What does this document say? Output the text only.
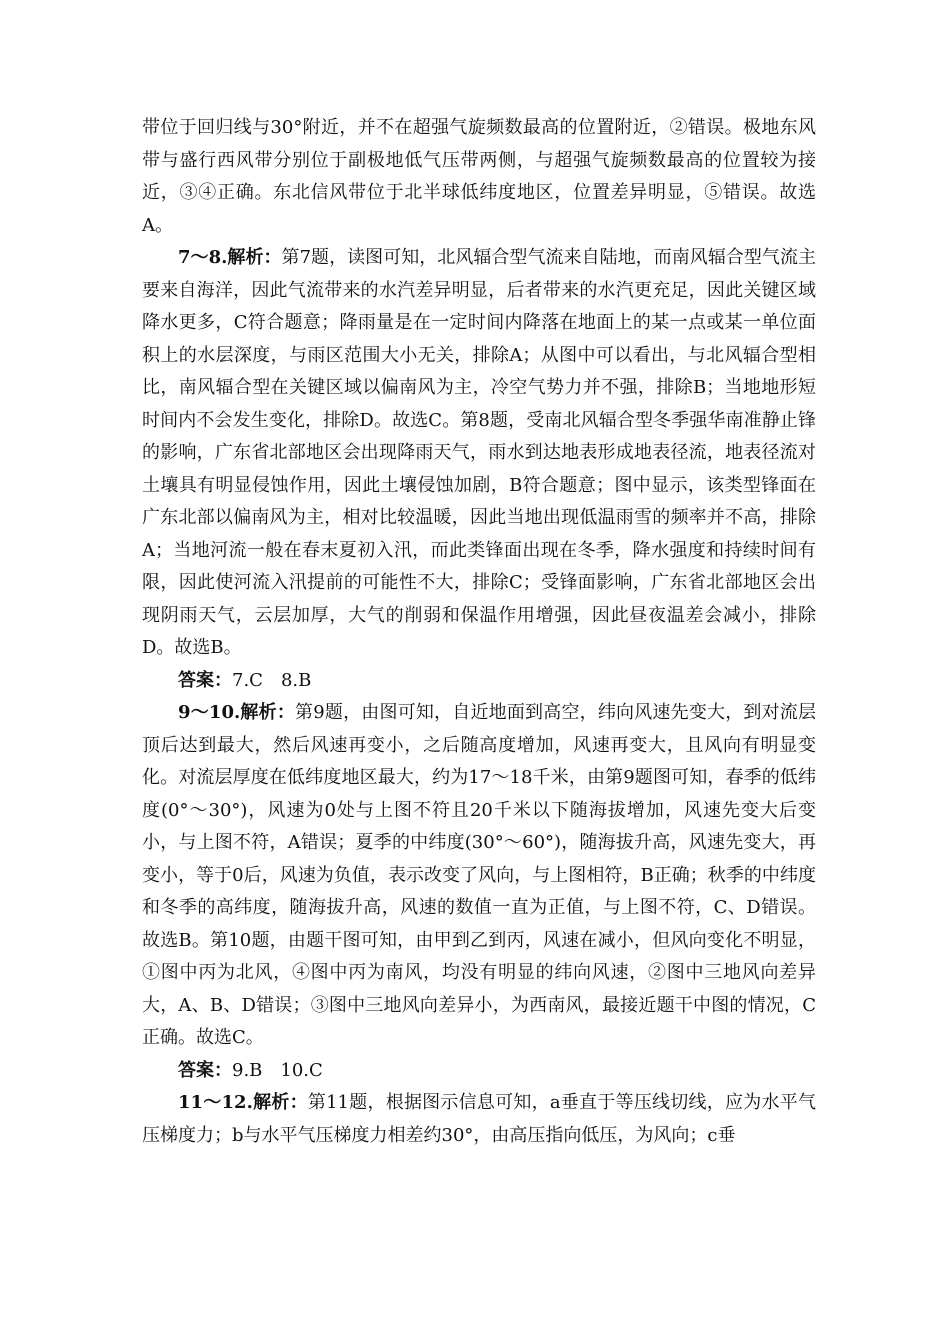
带位于回归线与30°附近，并不在超强气旋频数最高的位置附近，②错误。极地东风带与盛行西风带分别位于副极地低气压带两侧，与超强气旋频数最高的位置较为接近，③④正确。东北信风带位于北半球低纬度地区，位置差异明显，⑤错误。故选A。

7～8.解析：第7题，读图可知，北风辐合型气流来自陆地，而南风辐合型气流主要来自海洋，因此气流带来的水汽差异明显，后者带来的水汽更充足，因此关键区域降水更多，C符合题意；降雨量是在一定时间内降落在地面上的某一点或某一单位面积上的水层深度，与雨区范围大小无关，排除A；从图中可以看出，与北风辐合型相比，南风辐合型在关键区域以偏南风为主，冷空气势力并不强，排除B；当地地形短时间内不会发生变化，排除D。故选C。第8题，受南北风辐合型冬季强华南准静止锋的影响，广东省北部地区会出现降雨天气，雨水到达地表形成地表径流，地表径流对土壤具有明显侵蚀作用，因此土壤侵蚀加剧，B符合题意；图中显示，该类型锋面在广东北部以偏南风为主，相对比较温暖，因此当地出现低温雨雪的频率并不高，排除A；当地河流一般在春末夏初入汛，而此类锋面出现在冬季，降水强度和持续时间有限，因此使河流入汛提前的可能性不大，排除C；受锋面影响，广东省北部地区会出现阴雨天气，云层加厚，大气的削弱和保温作用增强，因此昼夜温差会减小，排除D。故选B。

答案：7.C　8.B

9～10.解析：第9题，由图可知，自近地面到高空，纬向风速先变大，到对流层顶后达到最大，然后风速再变小，之后随高度增加，风速再变大，且风向有明显变化。对流层厚度在低纬度地区最大，约为17～18千米，由第9题图可知，春季的低纬度(0°～30°)，风速为0处与上图不符且20千米以下随海拔增加，风速先变大后变小，与上图不符，A错误；夏季的中纬度(30°～60°)，随海拔升高，风速先变大，再变小，等于0后，风速为负值，表示改变了风向，与上图相符，B正确；秋季的中纬度和冬季的高纬度，随海拔升高，风速的数值一直为正值，与上图不符，C、D错误。故选B。第10题，由题干图可知，由甲到乙到丙，风速在减小，但风向变化不明显，①图中丙为北风，④图中丙为南风，均没有明显的纬向风速，②图中三地风向差异大，A、B、D错误；③图中三地风向差异小，为西南风，最接近题干中图的情况，C正确。故选C。

答案：9.B　10.C

11～12.解析：第11题，根据图示信息可知，a垂直于等压线切线，应为水平气压梯度力；b与水平气压梯度力相差约30°，由高压指向低压，为风向；c垂
